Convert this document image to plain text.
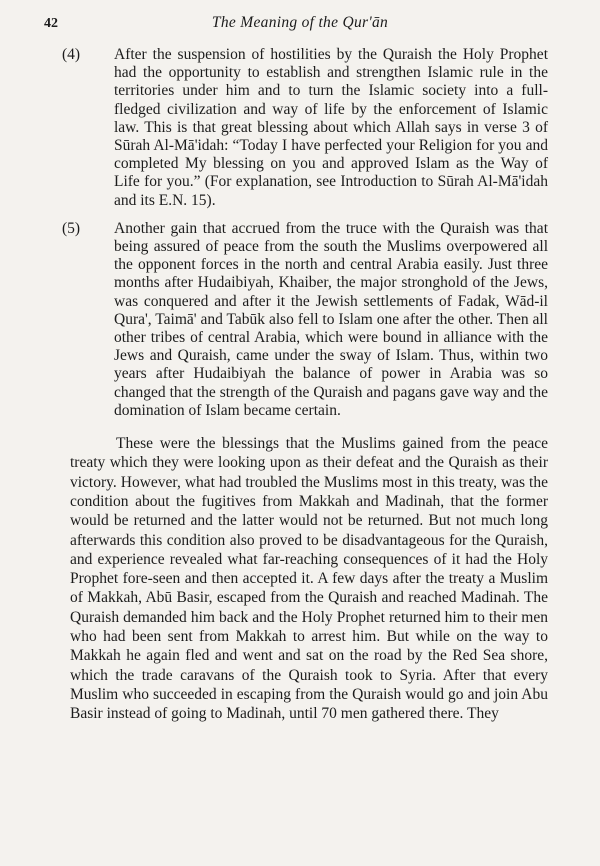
42	The Meaning of the Qur'ān
(4) After the suspension of hostilities by the Quraish the Holy Prophet had the opportunity to establish and strengthen Islamic rule in the territories under him and to turn the Islamic society into a full-fledged civilization and way of life by the enforcement of Islamic law. This is that great blessing about which Allah says in verse 3 of Sūrah Al-Mā'idah: “Today I have perfected your Religion for you and completed My blessing on you and approved Islam as the Way of Life for you.” (For explanation, see Introduction to Sūrah Al-Mā'idah and its E.N. 15).
(5) Another gain that accrued from the truce with the Quraish was that being assured of peace from the south the Muslims overpowered all the opponent forces in the north and central Arabia easily. Just three months after Hudaibiyah, Khaiber, the major stronghold of the Jews, was conquered and after it the Jewish settlements of Fadak, Wād-il Qura', Taimā' and Tabūk also fell to Islam one after the other. Then all other tribes of central Arabia, which were bound in alliance with the Jews and Quraish, came under the sway of Islam. Thus, within two years after Hudaibiyah the balance of power in Arabia was so changed that the strength of the Quraish and pagans gave way and the domination of Islam became certain.

These were the blessings that the Muslims gained from the peace treaty which they were looking upon as their defeat and the Quraish as their victory. However, what had troubled the Muslims most in this treaty, was the condition about the fugitives from Makkah and Madinah, that the former would be returned and the latter would not be returned. But not much long afterwards this condition also proved to be disadvantageous for the Quraish, and experience revealed what far-reaching consequences of it had the Holy Prophet fore-seen and then accepted it. A few days after the treaty a Muslim of Makkah, Abū Basir, escaped from the Quraish and reached Madinah. The Quraish demanded him back and the Holy Prophet returned him to their men who had been sent from Makkah to arrest him. But while on the way to Makkah he again fled and went and sat on the road by the Red Sea shore, which the trade caravans of the Quraish took to Syria. After that every Muslim who succeeded in escaping from the Quraish would go and join Abu Basir instead of going to Madinah, until 70 men gathered there. They
